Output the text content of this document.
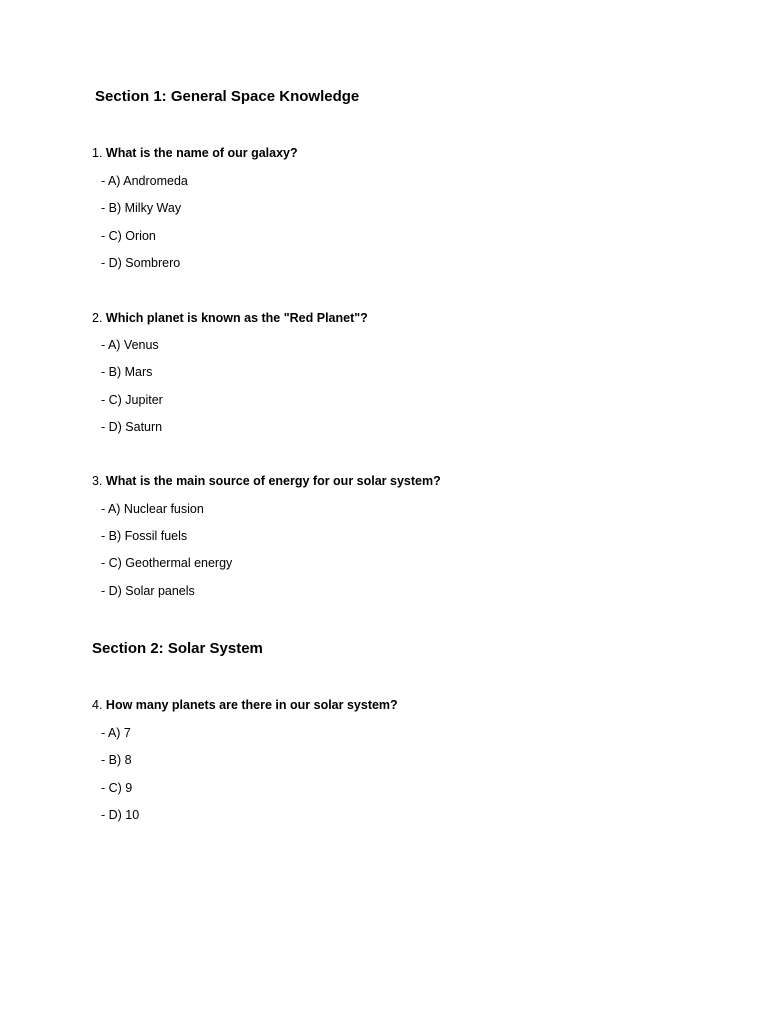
Section 1: General Space Knowledge
1. What is the name of our galaxy?
- A) Andromeda
- B) Milky Way
- C) Orion
- D) Sombrero
2. Which planet is known as the "Red Planet"?
- A) Venus
- B) Mars
- C) Jupiter
- D) Saturn
3. What is the main source of energy for our solar system?
- A) Nuclear fusion
- B) Fossil fuels
- C) Geothermal energy
- D) Solar panels
Section 2: Solar System
4. How many planets are there in our solar system?
- A) 7
- B) 8
- C) 9
- D) 10
